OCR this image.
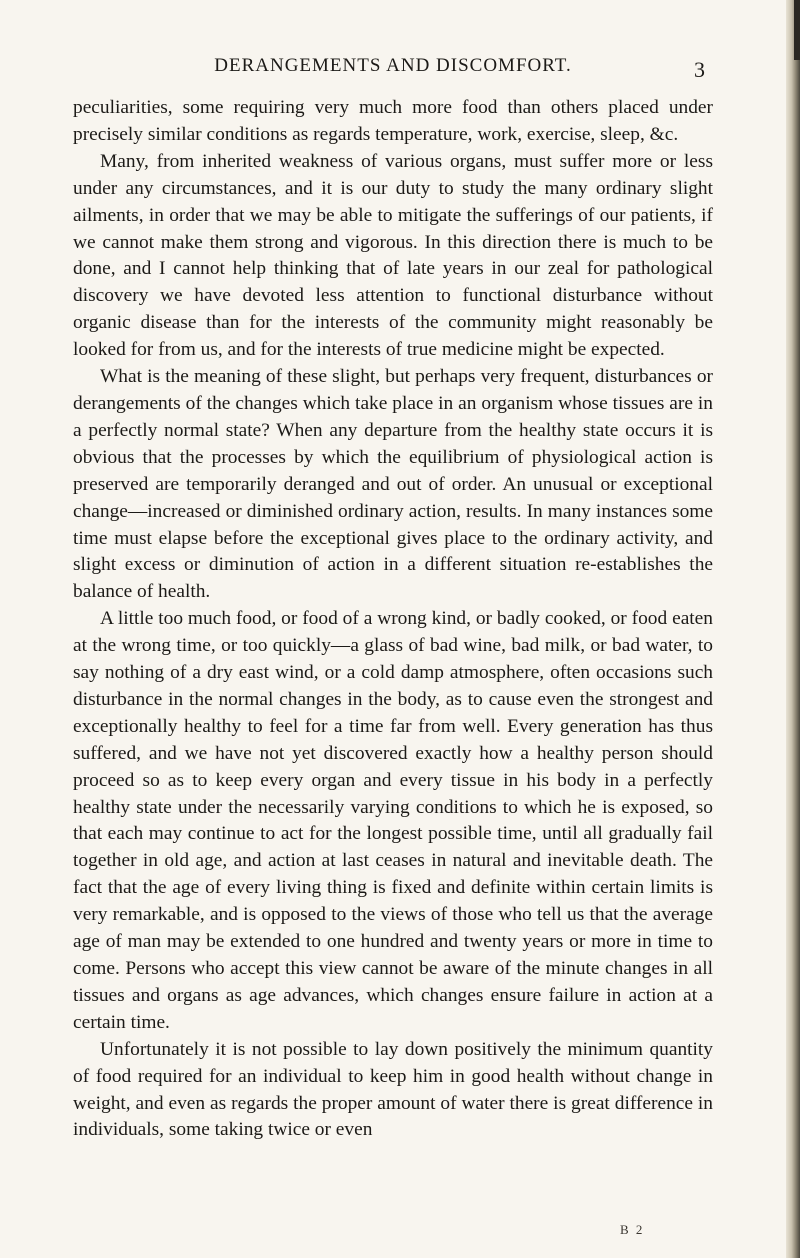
DERANGEMENTS AND DISCOMFORT.	3

peculiarities, some requiring very much more food than others placed under precisely similar conditions as regards temperature, work, exercise, sleep, &c.

Many, from inherited weakness of various organs, must suffer more or less under any circumstances, and it is our duty to study the many ordinary slight ailments, in order that we may be able to mitigate the sufferings of our patients, if we cannot make them strong and vigorous. In this direction there is much to be done, and I cannot help thinking that of late years in our zeal for pathological discovery we have devoted less attention to functional disturbance without organic disease than for the interests of the community might reasonably be looked for from us, and for the interests of true medicine might be expected.

What is the meaning of these slight, but perhaps very frequent, disturbances or derangements of the changes which take place in an organism whose tissues are in a perfectly normal state? When any departure from the healthy state occurs it is obvious that the processes by which the equilibrium of physiological action is preserved are temporarily deranged and out of order. An unusual or exceptional change—increased or diminished ordinary action, results. In many instances some time must elapse before the exceptional gives place to the ordinary activity, and slight excess or diminution of action in a different situation re-establishes the balance of health.

A little too much food, or food of a wrong kind, or badly cooked, or food eaten at the wrong time, or too quickly—a glass of bad wine, bad milk, or bad water, to say nothing of a dry east wind, or a cold damp atmosphere, often occasions such disturbance in the normal changes in the body, as to cause even the strongest and exceptionally healthy to feel for a time far from well. Every generation has thus suffered, and we have not yet discovered exactly how a healthy person should proceed so as to keep every organ and every tissue in his body in a perfectly healthy state under the necessarily varying conditions to which he is exposed, so that each may continue to act for the longest possible time, until all gradually fail together in old age, and action at last ceases in natural and inevitable death. The fact that the age of every living thing is fixed and definite within certain limits is very remarkable, and is opposed to the views of those who tell us that the average age of man may be extended to one hundred and twenty years or more in time to come. Persons who accept this view cannot be aware of the minute changes in all tissues and organs as age advances, which changes ensure failure in action at a certain time.

Unfortunately it is not possible to lay down positively the minimum quantity of food required for an individual to keep him in good health without change in weight, and even as regards the proper amount of water there is great difference in individuals, some taking twice or even

B 2
